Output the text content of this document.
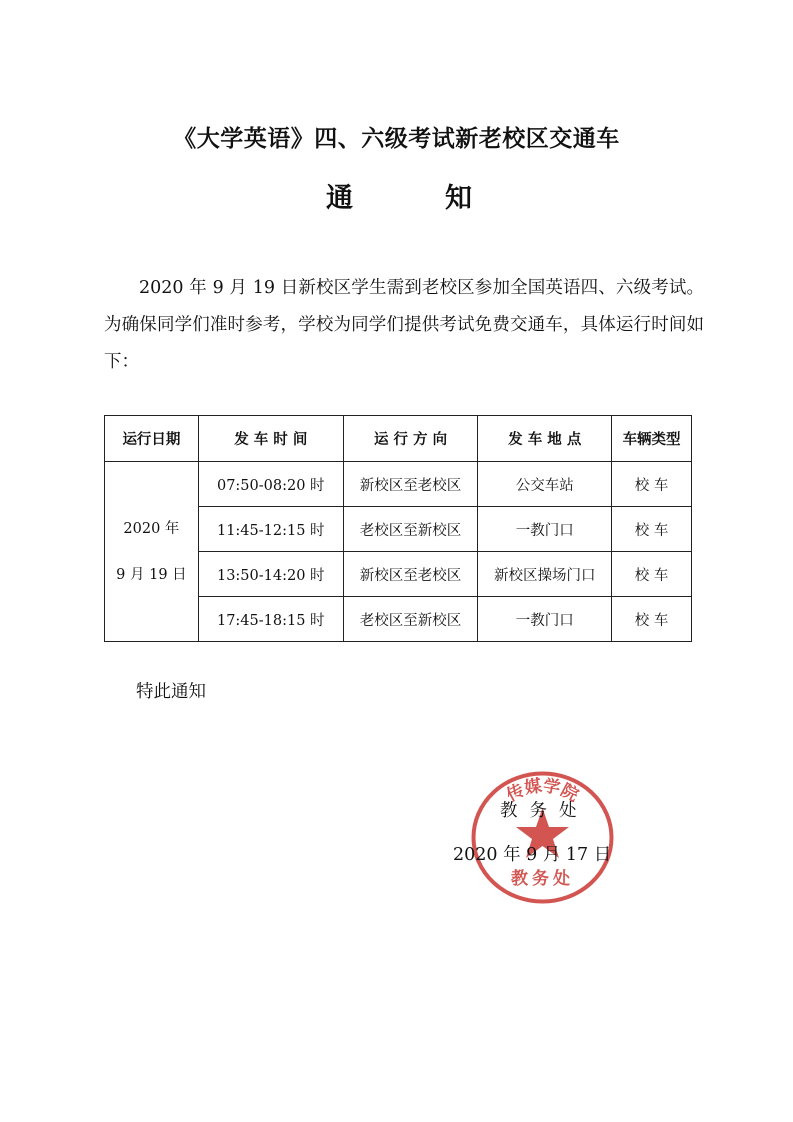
《大学英语》四、六级考试新老校区交通车
通	知

2020 年 9 月 19 日新校区学生需到老校区参加全国英语四、六级考试。为确保同学们准时参考，学校为同学们提供考试免费交通车，具体运行时间如下：

运行日期	发 车 时 间	运 行 方 向	发 车 地 点	车辆类型

2020 年
9 月 19 日	07:50-08:20 时	新校区至老校区	公交车站	校 车
	11:45-12:15 时	老校区至新校区	一教门口	校 车
	13:50-14:20 时	新校区至老校区	新校区操场门口	校 车
	17:45-18:15 时	老校区至新校区	一教门口	校 车
特此通知
传媒学院
教务处
教务处
2020 年 9 月 17 日
